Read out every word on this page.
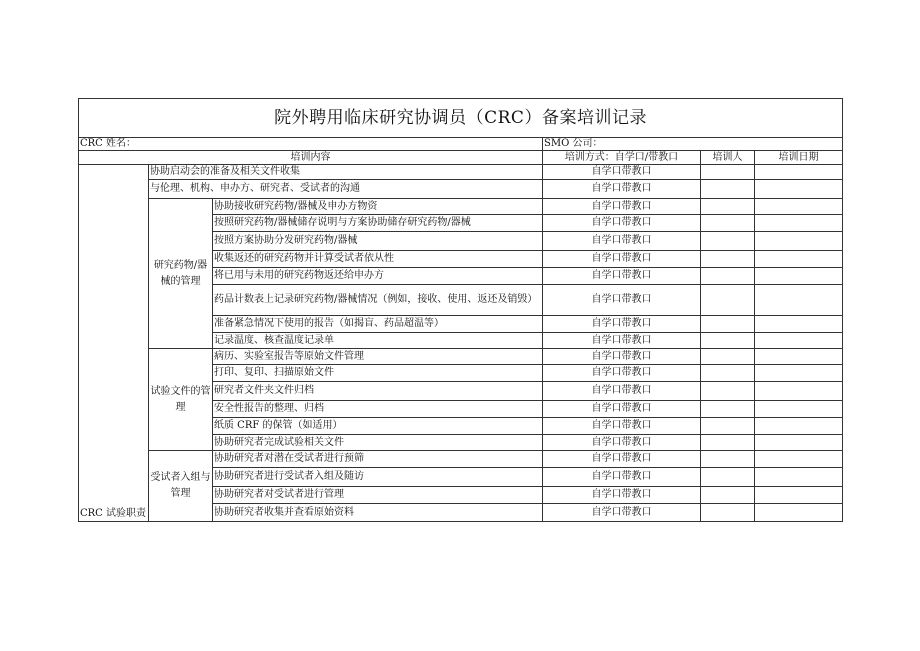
院外聘用临床研究协调员（CRC）备案培训记录					
CRC 姓名：			SMO 公司：		
培训内容			培训方式：自学口/带教口	培训人	培训日期
CRC 试验职责	协助启动会的准备及相关文件收集		自学口带教口		
	与伦理、机构、申办方、研究者、受试者的沟通		自学口带教口		
	研究药物/器械的管理	协助接收研究药物/器械及申办方物资	自学口带教口		
		按照研究药物/器械储存说明与方案协助储存研究药物/器械	自学口带教口		
		按照方案协助分发研究药物/器械	自学口带教口		
		收集返还的研究药物并计算受试者依从性	自学口带教口		
		将已用与未用的研究药物返还给申办方	自学口带教口		
		药品计数表上记录研究药物/器械情况（例如，接收、使用、返还及销毁）	自学口带教口		
		准备紧急情况下使用的报告（如揭盲、药品超温等）	自学口带教口		
		记录温度、核查温度记录单	自学口带教口		
	试验文件的管理	病历、实验室报告等原始文件管理	自学口带教口		
		打印、复印、扫描原始文件	自学口带教口		
		研究者文件夹文件归档	自学口带教口		
		安全性报告的整理、归档	自学口带教口		
		纸质 CRF 的保管（如适用）	自学口带教口		
		协助研究者完成试验相关文件	自学口带教口		
	受试者入组与管理	协助研究者对潜在受试者进行预筛	自学口带教口		
		协助研究者进行受试者入组及随访	自学口带教口		
		协助研究者对受试者进行管理	自学口带教口		
		协助研究者收集并查看原始资料	自学口带教口		
